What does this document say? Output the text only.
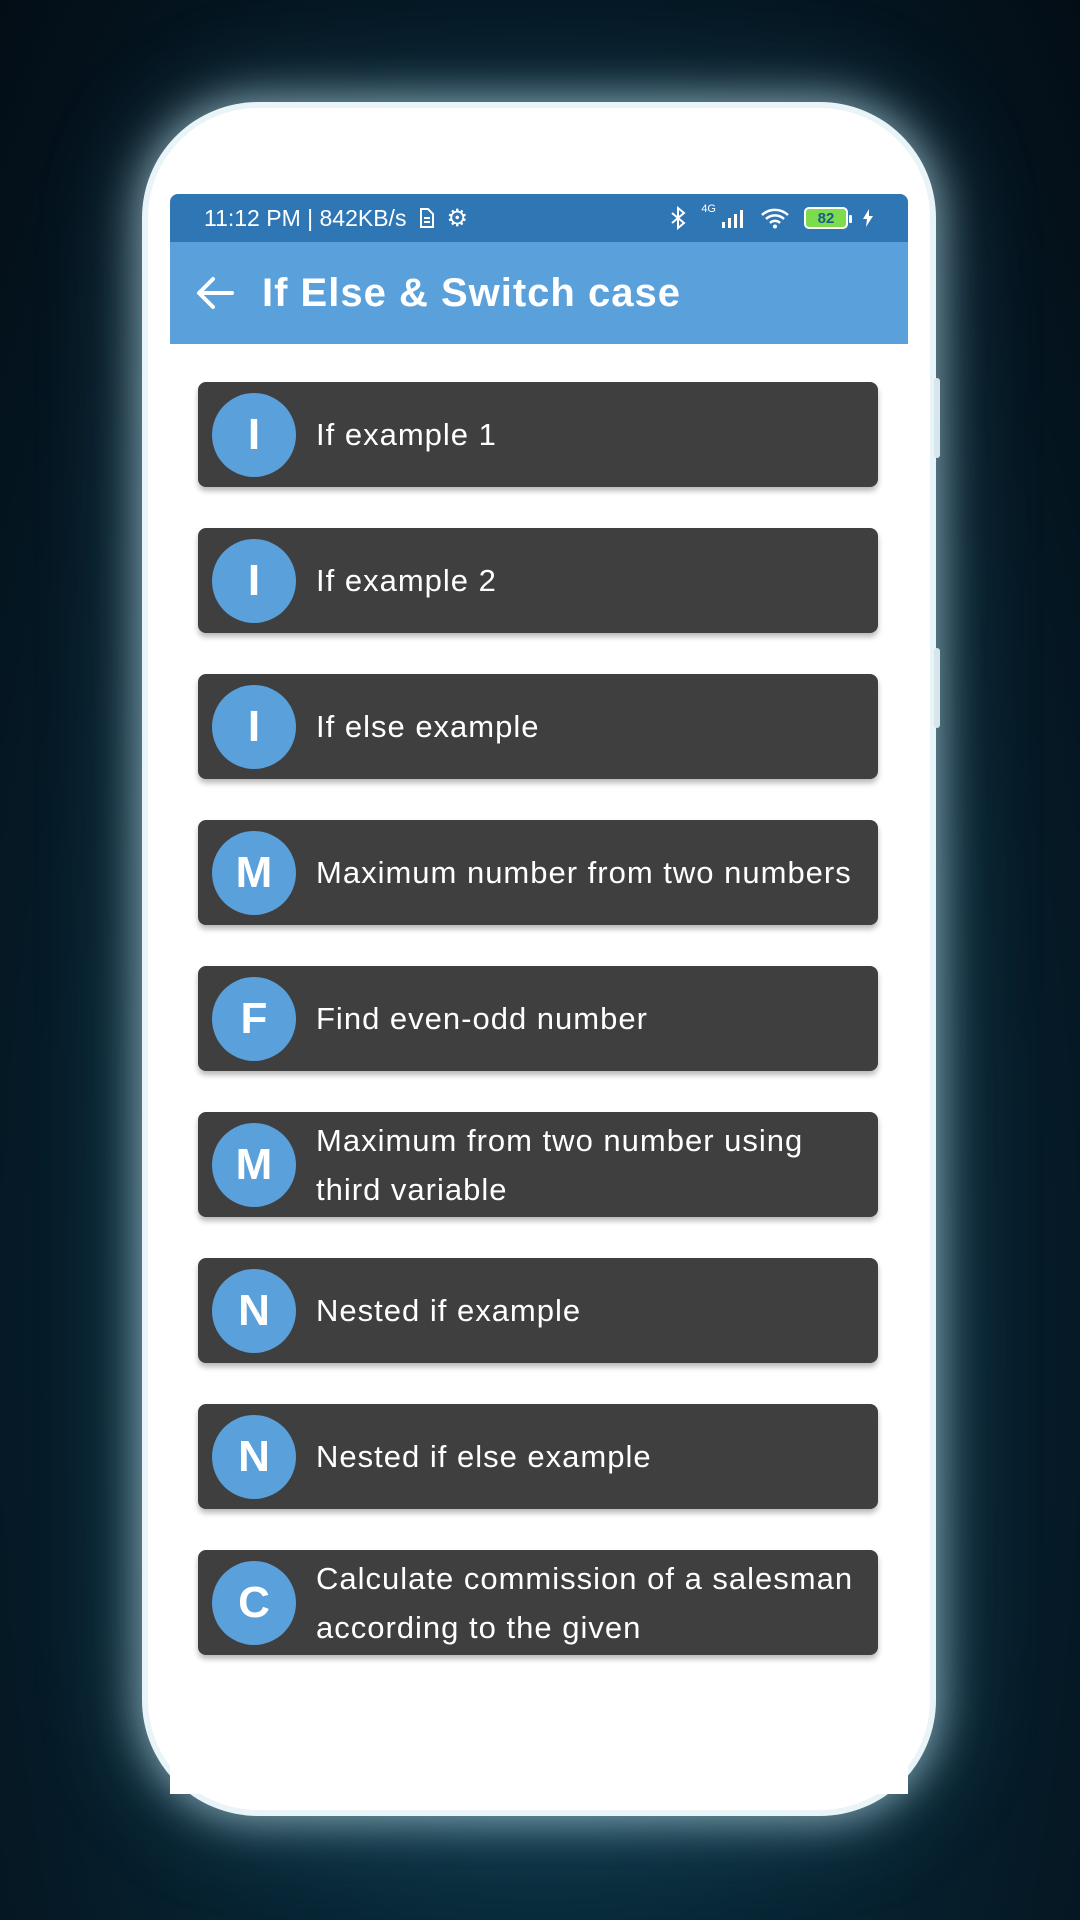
11:12 PM | 842KB/s ⚙	4G
82
If Else & Switch case
I	If example 1
I	If example 2
I	If else example
M	Maximum number from two numbers
F	Find even-odd number
M	Maximum from two number using third variable
N	Nested if example
N	Nested if else example
C	Calculate commission of a salesman according to the given
